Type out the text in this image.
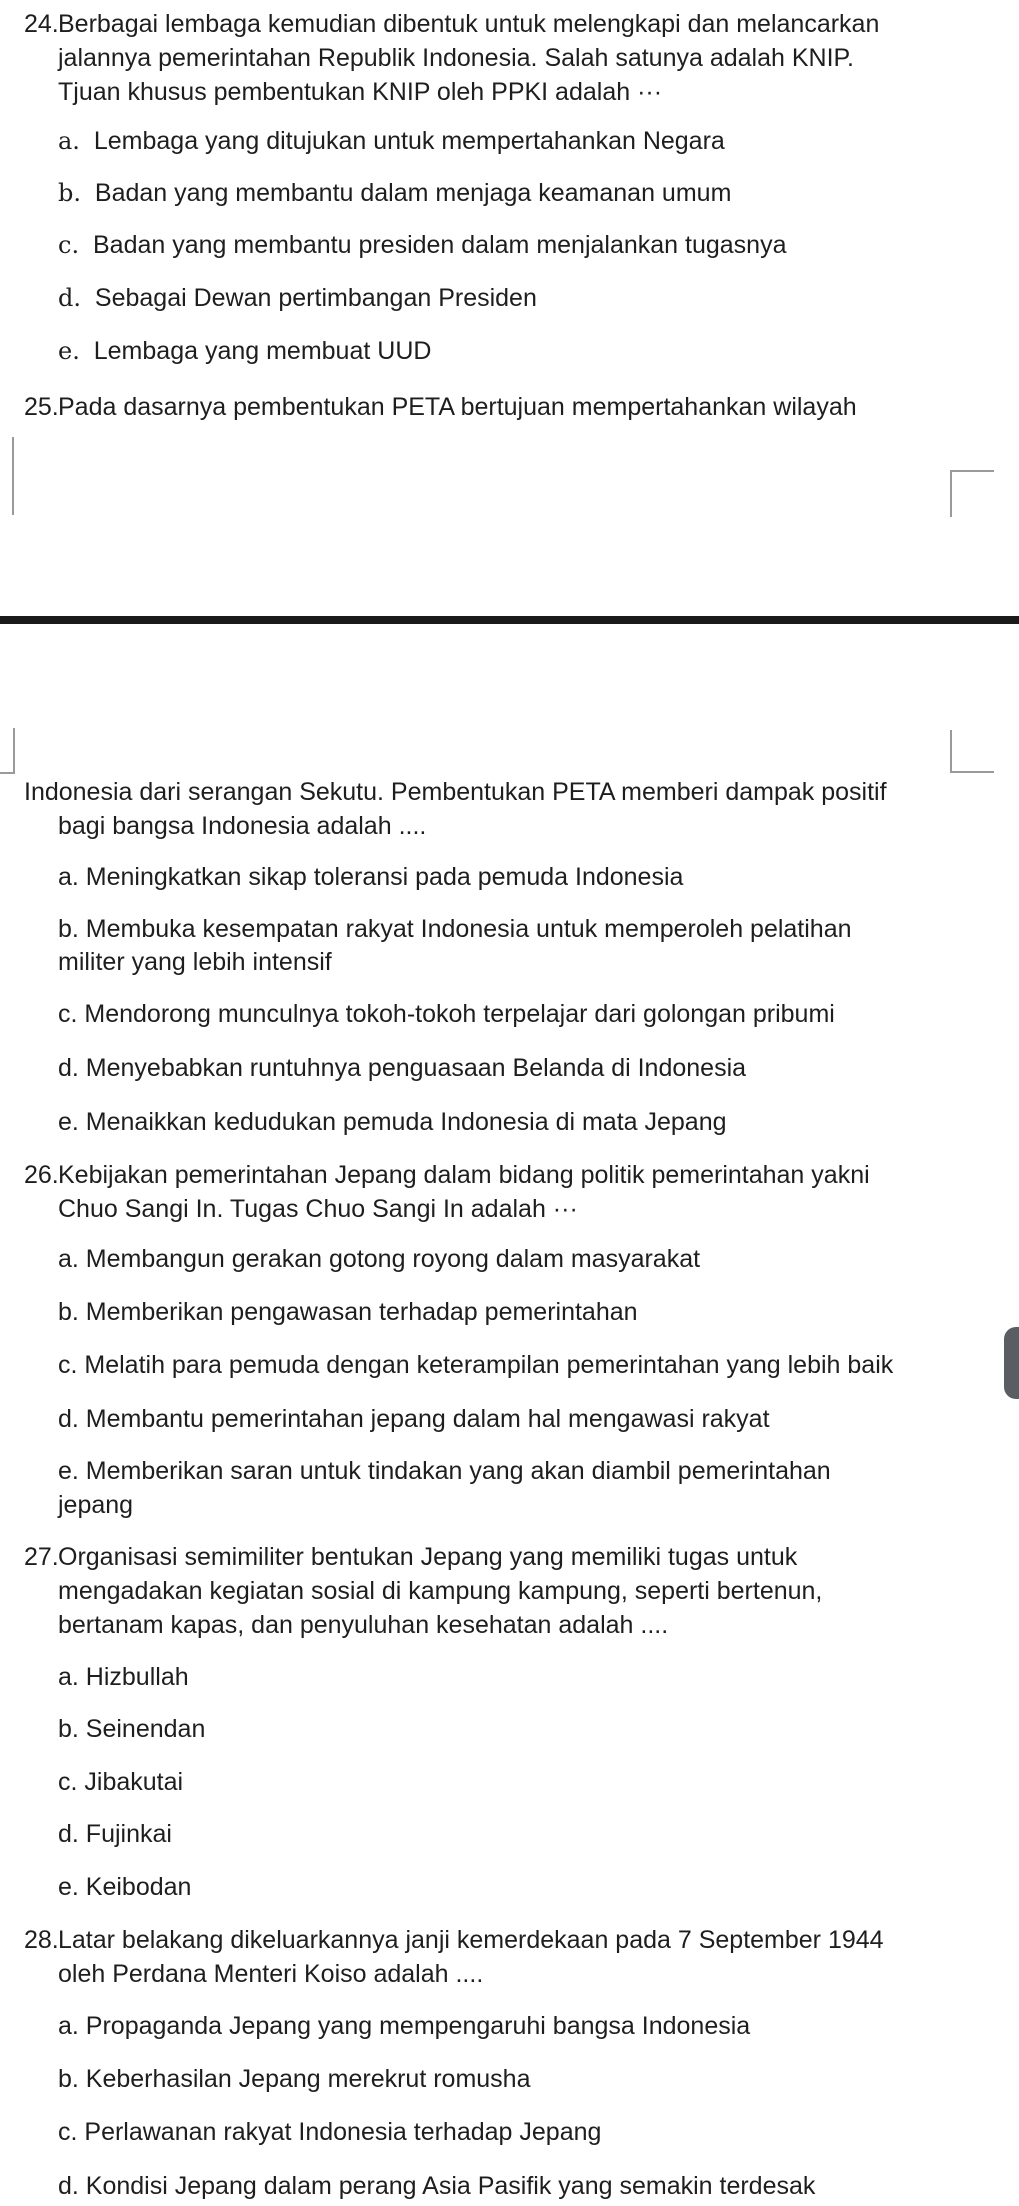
24.Berbagai lembaga kemudian dibentuk untuk melengkapi dan melancarkan
jalannya pemerintahan Republik Indonesia. Salah satunya adalah KNIP.
Tjuan khusus pembentukan KNIP oleh PPKI adalah ···
a. Lembaga yang ditujukan untuk mempertahankan Negara
b. Badan yang membantu dalam menjaga keamanan umum
c. Badan yang membantu presiden dalam menjalankan tugasnya
d. Sebagai Dewan pertimbangan Presiden
e. Lembaga yang membuat UUD
25.Pada dasarnya pembentukan PETA bertujuan mempertahankan wilayah
Indonesia dari serangan Sekutu. Pembentukan PETA memberi dampak positif
bagi bangsa Indonesia adalah ....
a. Meningkatkan sikap toleransi pada pemuda Indonesia
b. Membuka kesempatan rakyat Indonesia untuk memperoleh pelatihan
militer yang lebih intensif
c. Mendorong munculnya tokoh-tokoh terpelajar dari golongan pribumi
d. Menyebabkan runtuhnya penguasaan Belanda di Indonesia
e. Menaikkan kedudukan pemuda Indonesia di mata Jepang
26.Kebijakan pemerintahan Jepang dalam bidang politik pemerintahan yakni
Chuo Sangi In. Tugas Chuo Sangi In adalah ···
a. Membangun gerakan gotong royong dalam masyarakat
b. Memberikan pengawasan terhadap pemerintahan
c. Melatih para pemuda dengan keterampilan pemerintahan yang lebih baik
d. Membantu pemerintahan jepang dalam hal mengawasi rakyat
e. Memberikan saran untuk tindakan yang akan diambil pemerintahan
jepang
27.Organisasi semimiliter bentukan Jepang yang memiliki tugas untuk
mengadakan kegiatan sosial di kampung kampung, seperti bertenun,
bertanam kapas, dan penyuluhan kesehatan adalah ....
a. Hizbullah
b. Seinendan
c. Jibakutai
d. Fujinkai
e. Keibodan
28.Latar belakang dikeluarkannya janji kemerdekaan pada 7 September 1944
oleh Perdana Menteri Koiso adalah ....
a. Propaganda Jepang yang mempengaruhi bangsa Indonesia
b. Keberhasilan Jepang merekrut romusha
c. Perlawanan rakyat Indonesia terhadap Jepang
d. Kondisi Jepang dalam perang Asia Pasifik yang semakin terdesak
